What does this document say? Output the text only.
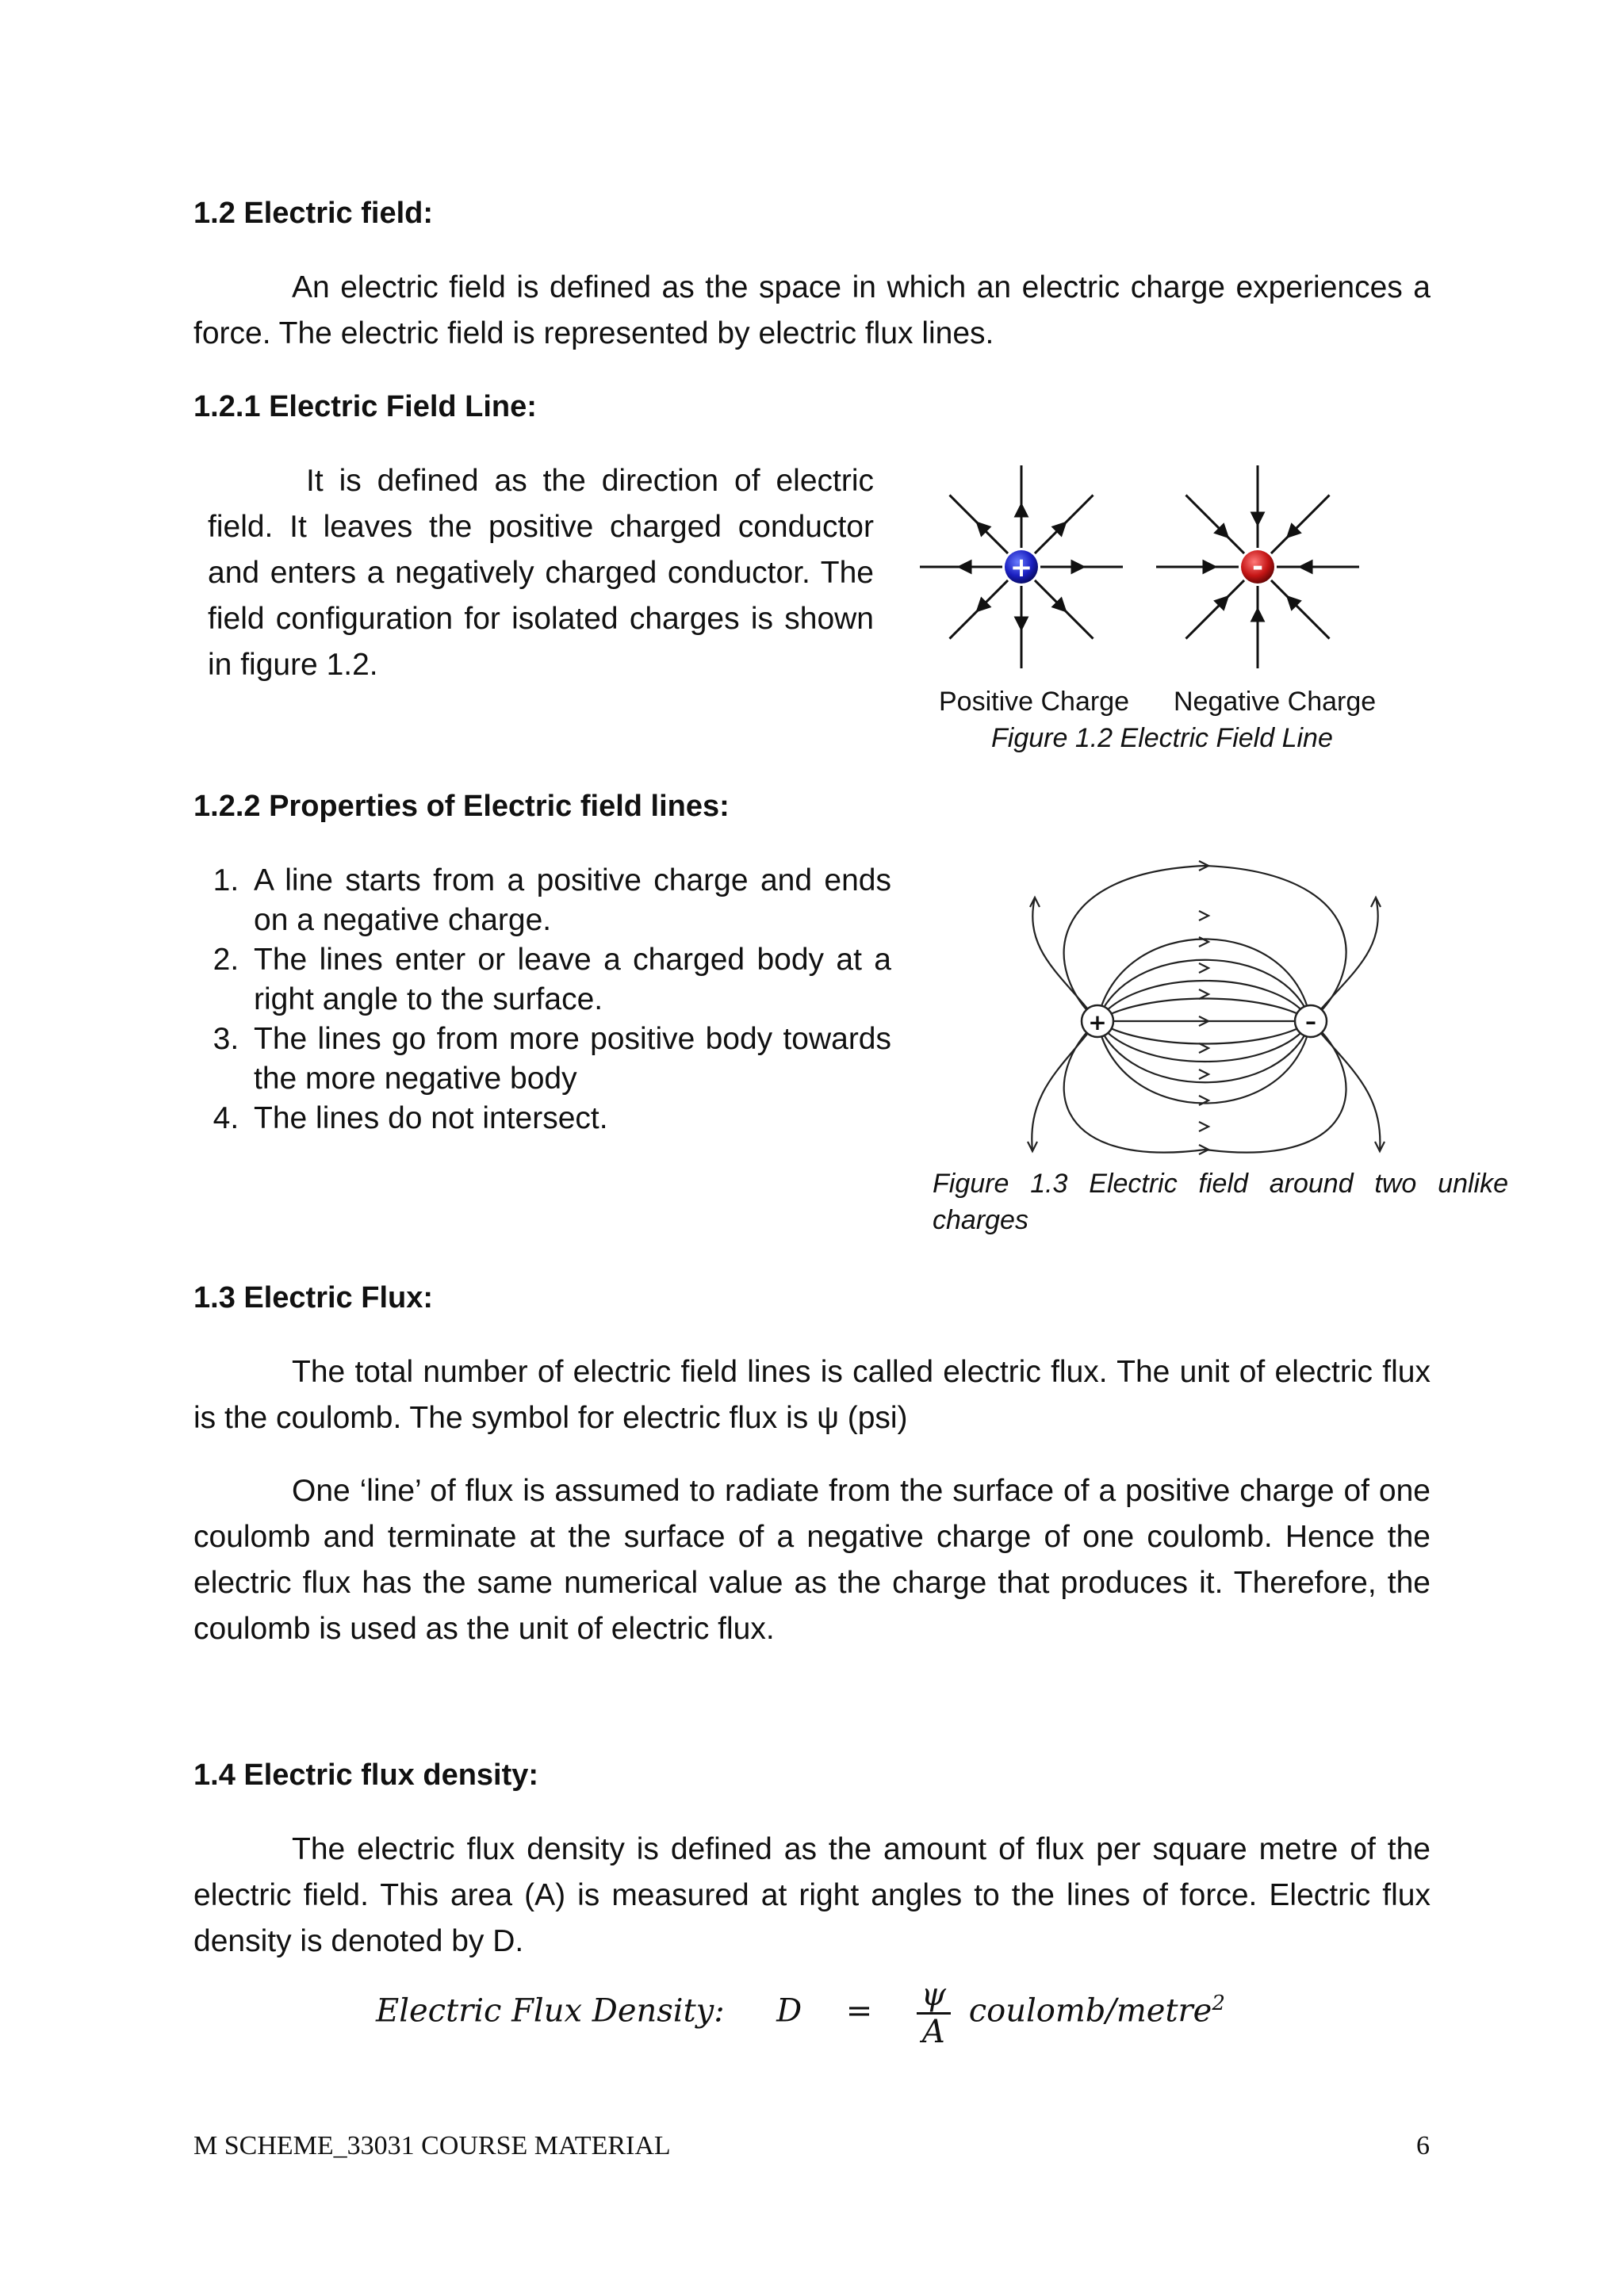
1.2 Electric field:
An electric field is defined as the space in which an electric charge experiences a force. The electric field is represented by electric flux lines.
1.2.1 Electric Field Line:
It is defined as the direction of electric field. It leaves the positive charged conductor and enters a negatively charged conductor. The field configuration for isolated charges is shown in figure 1.2.
+	-
Positive Charge Negative Charge
Figure 1.2 Electric Field Line
1.2.2 Properties of Electric field lines:
1. A line starts from a positive charge and ends on a negative charge.
2. The lines enter or leave a charged body at a right angle to the surface.
3. The lines go from more positive body towards the more negative body
4. The lines do not intersect.
+	–
Figure 1.3 Electric field around two unlike charges
1.3 Electric Flux:
The total number of electric field lines is called electric flux. The unit of electric flux is the coulomb. The symbol for electric flux is ψ (psi)
One ‘line’ of flux is assumed to radiate from the surface of a positive charge of one coulomb and terminate at the surface of a negative charge of one coulomb. Hence the electric flux has the same numerical value as the charge that produces it. Therefore, the coulomb is used as the unit of electric flux.
1.4 Electric flux density:
The electric flux density is defined as the amount of flux per square metre of the electric field. This area (A) is measured at right angles to the lines of force. Electric flux density is denoted by D.
Electric Flux Density: $D = \frac{\psi}{A}$ coulomb/metre$^2$
M SCHEME_33031 COURSE MATERIAL	6
